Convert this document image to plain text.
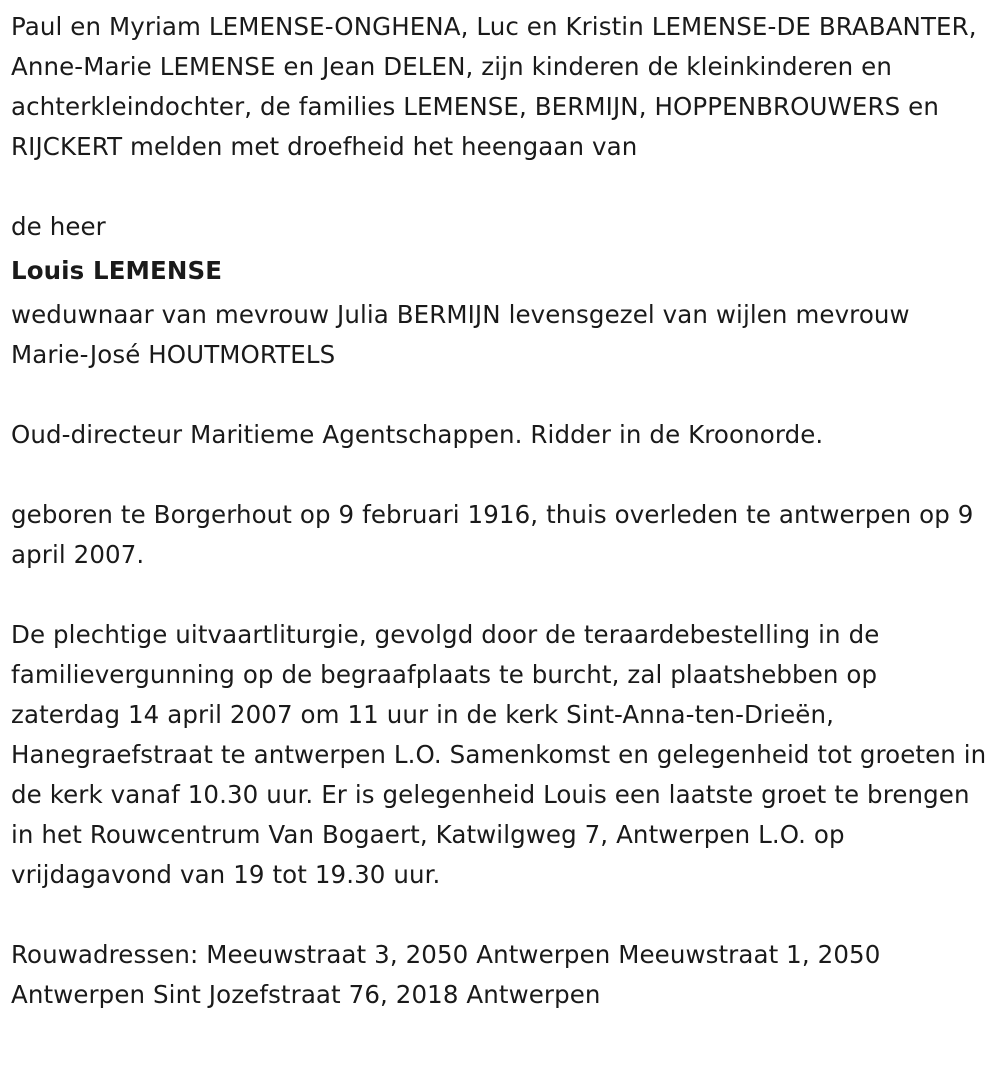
Paul en Myriam LEMENSE-ONGHENA, Luc en Kristin LEMENSE-DE BRABANTER, Anne-Marie LEMENSE en Jean DELEN, zijn kinderen de kleinkinderen en achterkleindochter, de families LEMENSE, BERMIJN, HOPPENBROUWERS en RIJCKERT melden met droefheid het heengaan van

de heer

Louis LEMENSE

weduwnaar van mevrouw Julia BERMIJN levensgezel van wijlen mevrouw Marie-José HOUTMORTELS

Oud-directeur Maritieme Agentschappen. Ridder in de Kroonorde.

geboren te Borgerhout op 9 februari 1916, thuis overleden te antwerpen op 9 april 2007.

De plechtige uitvaartliturgie, gevolgd door de teraardebestelling in de familievergunning op de begraafplaats te burcht, zal plaatshebben op zaterdag 14 april 2007 om 11 uur in de kerk Sint-Anna-ten-Drieën, Hanegraefstraat te antwerpen L.O. Samenkomst en gelegenheid tot groeten in de kerk vanaf 10.30 uur. Er is gelegenheid Louis een laatste groet te brengen in het Rouwcentrum Van Bogaert, Katwilgweg 7, Antwerpen L.O. op vrijdagavond van 19 tot 19.30 uur.

Rouwadressen: Meeuwstraat 3, 2050 Antwerpen Meeuwstraat 1, 2050 Antwerpen Sint Jozefstraat 76, 2018 Antwerpen
